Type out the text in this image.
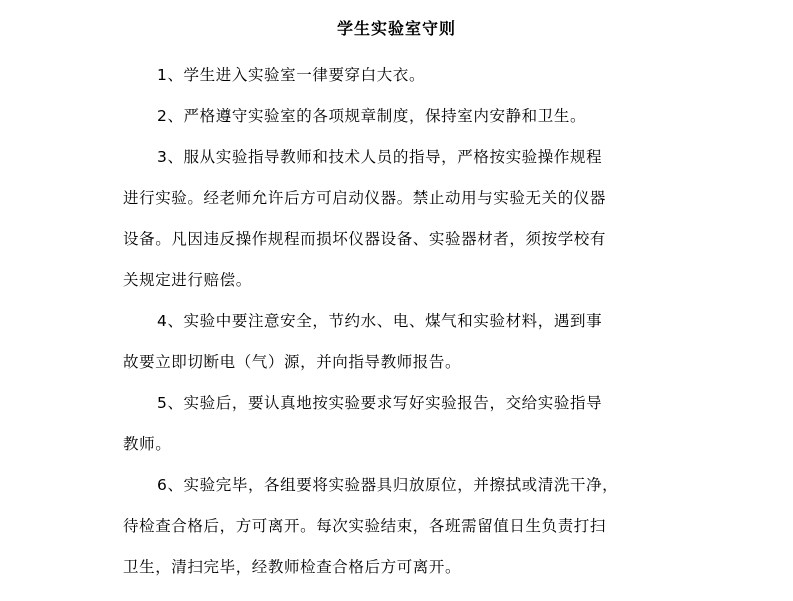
学生实验室守则
1、学生进入实验室一律要穿白大衣。
2、严格遵守实验室的各项规章制度，保持室内安静和卫生。
3、服从实验指导教师和技术人员的指导，严格按实验操作规程
进行实验。经老师允许后方可启动仪器。禁止动用与实验无关的仪器
设备。凡因违反操作规程而损坏仪器设备、实验器材者，须按学校有
关规定进行赔偿。
4、实验中要注意安全，节约水、电、煤气和实验材料，遇到事
故要立即切断电（气）源，并向指导教师报告。
5、实验后，要认真地按实验要求写好实验报告，交给实验指导
教师。
6、实验完毕，各组要将实验器具归放原位，并擦拭或清洗干净，
待检查合格后，方可离开。每次实验结束，各班需留值日生负责打扫
卫生，清扫完毕，经教师检查合格后方可离开。
